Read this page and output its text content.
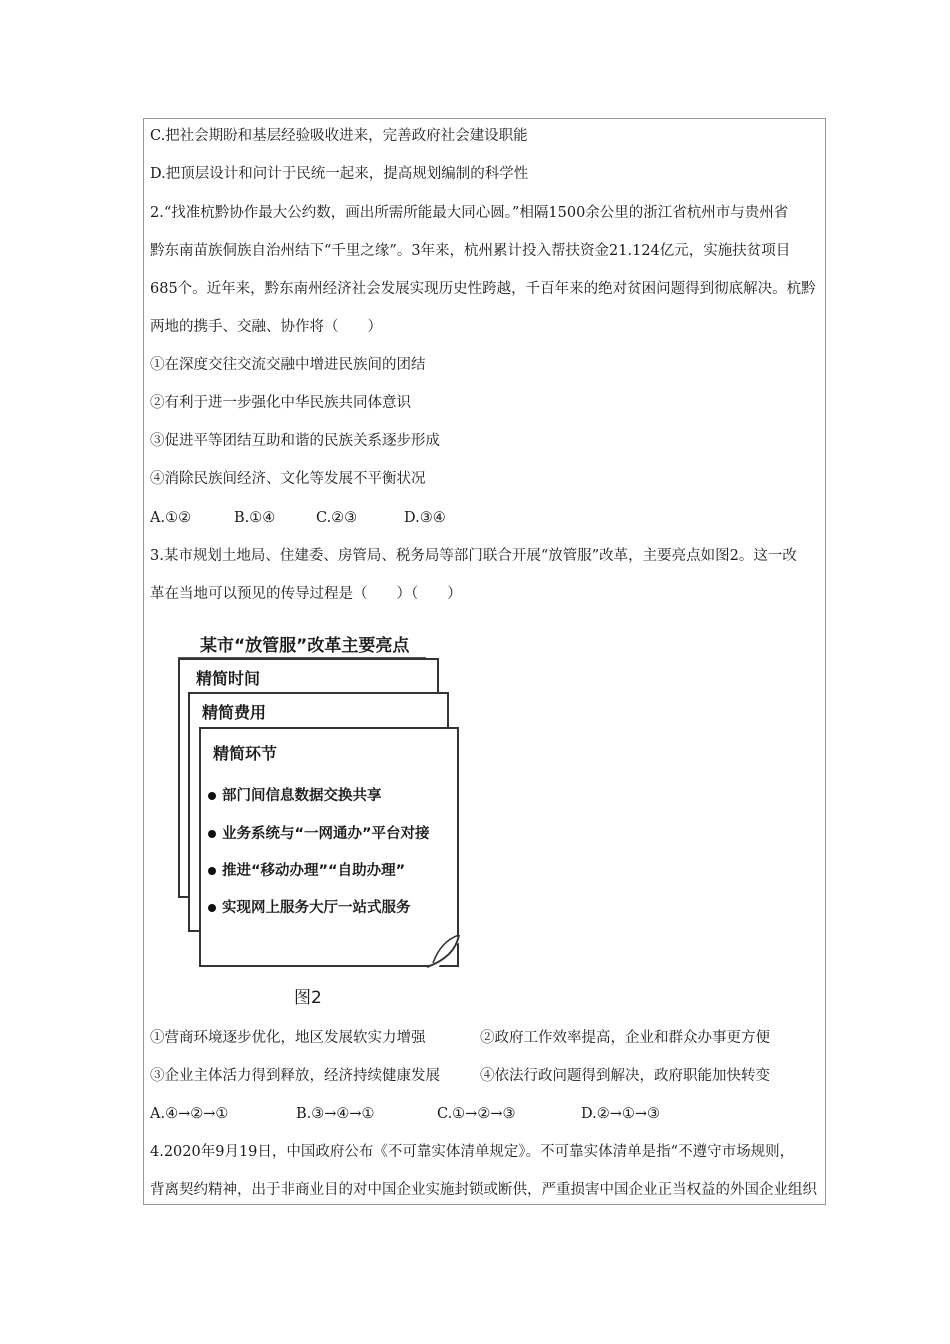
C.把社会期盼和基层经验吸收进来，完善政府社会建设职能
D.把顶层设计和问计于民统一起来，提高规划编制的科学性
2.“找准杭黔协作最大公约数，画出所需所能最大同心圆。”相隔1500余公里的浙江省杭州市与贵州省
黔东南苗族侗族自治州结下“千里之缘”。3年来，杭州累计投入帮扶资金21.124亿元，实施扶贫项目
685个。近年来，黔东南州经济社会发展实现历史性跨越，千百年来的绝对贫困问题得到彻底解决。杭黔
两地的携手、交融、协作将（　　）
①在深度交往交流交融中增进民族间的团结
②有利于进一步强化中华民族共同体意识
③促进平等团结互助和谐的民族关系逐步形成
④消除民族间经济、文化等发展不平衡状况
A.①②	B.①④	C.②③	D.③④
3.某市规划土地局、住建委、房管局、税务局等部门联合开展“放管服”改革，主要亮点如图2。这一改
革在当地可以预见的传导过程是（　　）（　　）
某市“放管服”改革主要亮点
精简时间
精简费用
精简环节
部门间信息数据交换共享
业务系统与“一网通办”平台对接
推进“移动办理”“自助办理”
实现网上服务大厅一站式服务
图2
①营商环境逐步优化，地区发展软实力增强	②政府工作效率提高，企业和群众办事更方便
③企业主体活力得到释放，经济持续健康发展	④依法行政问题得到解决，政府职能加快转变
A.④→②→①	B.③→④→①	C.①→②→③	D.②→①→③
4.2020年9月19日，中国政府公布《不可靠实体清单规定》。不可靠实体清单是指“不遵守市场规则，
背离契约精神，出于非商业目的对中国企业实施封锁或断供，严重损害中国企业正当权益的外国企业组织
